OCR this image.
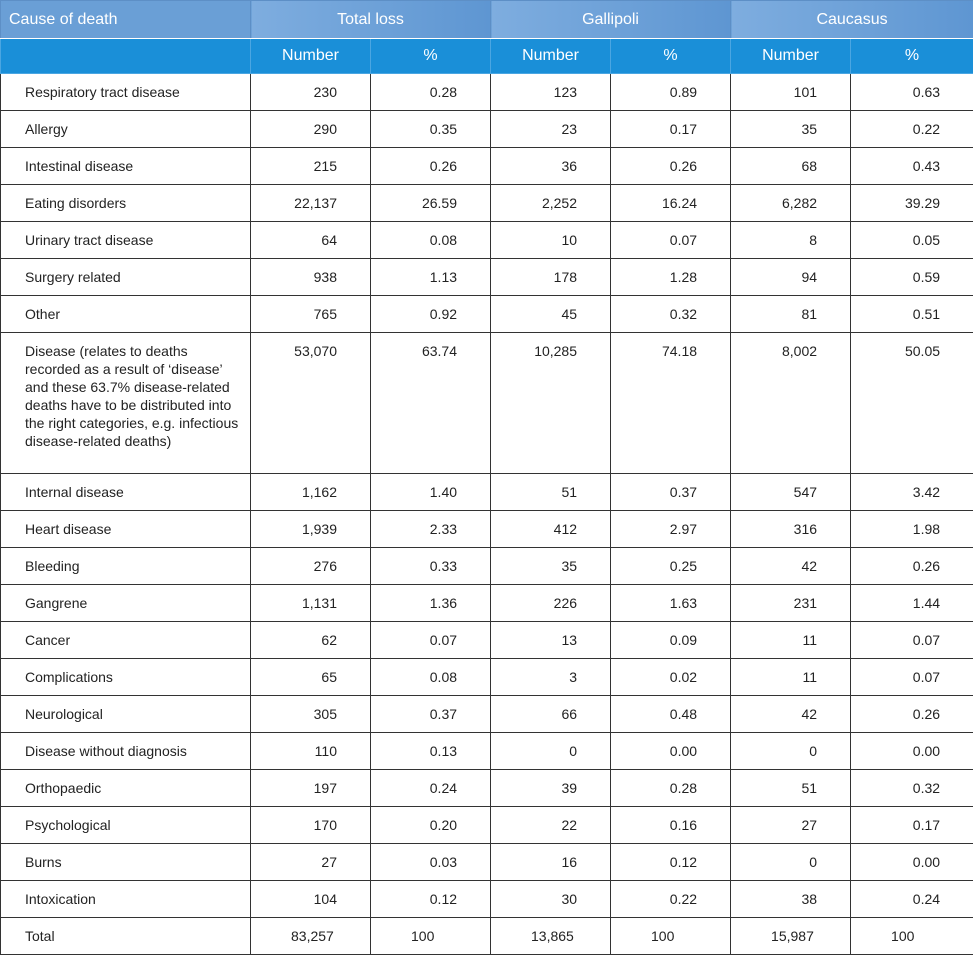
Cause of death	Total loss		Gallipoli		Caucasus	
	Number	%	Number	%	Number	%
Respiratory tract disease	230	0.28	123	0.89	101	0.63
Allergy	290	0.35	23	0.17	35	0.22
Intestinal disease	215	0.26	36	0.26	68	0.43
Eating disorders	22,137	26.59	2,252	16.24	6,282	39.29
Urinary tract disease	64	0.08	10	0.07	8	0.05
Surgery related	938	1.13	178	1.28	94	0.59
Other	765	0.92	45	0.32	81	0.51
Disease (relates to deaths recorded as a result of ‘disease’ and these 63.7% disease-related deaths have to be distributed into the right categories, e.g. infectious disease-related deaths)	53,070	63.74	10,285	74.18	8,002	50.05
Internal disease	1,162	1.40	51	0.37	547	3.42
Heart disease	1,939	2.33	412	2.97	316	1.98
Bleeding	276	0.33	35	0.25	42	0.26
Gangrene	1,131	1.36	226	1.63	231	1.44
Cancer	62	0.07	13	0.09	11	0.07
Complications	65	0.08	3	0.02	11	0.07
Neurological	305	0.37	66	0.48	42	0.26
Disease without diagnosis	110	0.13	0	0.00	0	0.00
Orthopaedic	197	0.24	39	0.28	51	0.32
Psychological	170	0.20	22	0.16	27	0.17
Burns	27	0.03	16	0.12	0	0.00
Intoxication	104	0.12	30	0.22	38	0.24
Total	83,257	100	13,865	100	15,987	100
